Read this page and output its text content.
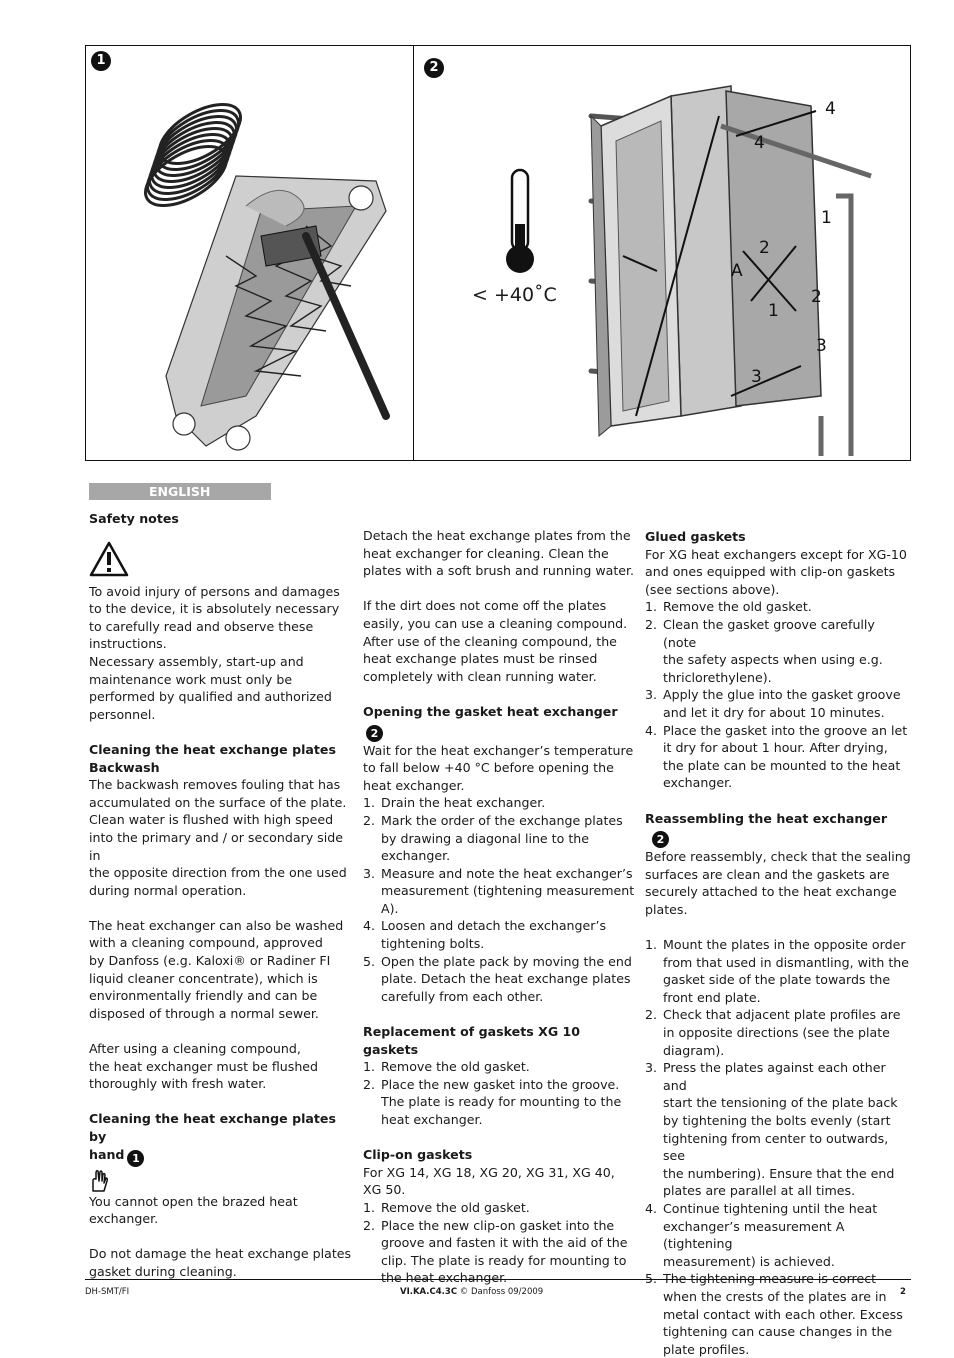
1	2
< +40˚C
4
4
1
2
A
2
1
3
3
ENGLISH

Safety notes

To avoid injury of persons and damages

to the device, it is absolutely necessary

to carefully read and observe these

instructions.

Necessary assembly, start-up and

maintenance work must only be

performed by qualified and authorized

personnel.

Cleaning the heat exchange plates

Backwash

The backwash removes fouling that has

accumulated on the surface of the plate.

Clean water is flushed with high speed

into the primary and / or secondary side in

the opposite direction from the one used

during normal operation.

The heat exchanger can also be washed

with a cleaning compound, approved

by Danfoss (e.g. Kaloxi® or Radiner FI

liquid cleaner concentrate), which is

environmentally friendly and can be

disposed of through a normal sewer.

After using a cleaning compound,

the heat exchanger must be flushed

thoroughly with fresh water.

Cleaning the heat exchange plates by

hand 1

You cannot open the brazed heat

exchanger.

Do not damage the heat exchange plates

gasket during cleaning.

Detach the heat exchange plates from the

heat exchanger for cleaning. Clean the

plates with a soft brush and running water.

If the dirt does not come off the plates

easily, you can use a cleaning compound.

After use of the cleaning compound, the

heat exchange plates must be rinsed

completely with clean running water.

Opening the gasket heat exchanger2

Wait for the heat exchanger’s temperature

to fall below +40 °C before opening the

heat exchanger.

1. Drain the heat exchanger.
2. Mark the order of the exchange plates

by drawing a diagonal line to the

exchanger.

3. Measure and note the heat exchanger’s

measurement (tightening measurement

A).

4. Loosen and detach the exchanger’s

tightening bolts.

5. Open the plate pack by moving the end

plate. Detach the heat exchange plates

carefully from each other.

Replacement of gaskets XG 10 gaskets

1. Remove the old gasket.
2. Place the new gasket into the groove.

The plate is ready for mounting to the

heat exchanger.

Clip-on gaskets

For XG 14, XG 18, XG 20, XG 31, XG 40,

XG 50.

1. Remove the old gasket.
2. Place the new clip-on gasket into the

groove and fasten it with the aid of the

clip. The plate is ready for mounting to

the heat exchanger.

Glued gaskets

For XG heat exchangers except for XG-10

and ones equipped with clip-on gaskets

(see sections above).

1. Remove the old gasket.
2. Clean the gasket groove carefully (note

the safety aspects when using e.g.

thriclorethylene).

3. Apply the glue into the gasket groove

and let it dry for about 10 minutes.

4. Place the gasket into the groove an let

it dry for about 1 hour. After drying,

the plate can be mounted to the heat

exchanger.

Reassembling the heat exchanger2

Before reassembly, check that the sealing

surfaces are clean and the gaskets are

securely attached to the heat exchange

plates.

1. Mount the plates in the opposite order

from that used in dismantling, with the

gasket side of the plate towards the

front end plate.

2. Check that adjacent plate profiles are

in opposite directions (see the plate

diagram).

3. Press the plates against each other and

start the tensioning of the plate back

by tightening the bolts evenly (start

tightening from center to outwards, see

the numbering). Ensure that the end

plates are parallel at all times.

4. Continue tightening until the heat

exchanger’s measurement A (tightening

measurement) is achieved.

5. The tightening measure is correct

when the crests of the plates are in

metal contact with each other. Excess

tightening can cause changes in the

plate profiles.

DH-SMT/FI	VI.KA.C4.3C © Danfoss 09/2009	2
